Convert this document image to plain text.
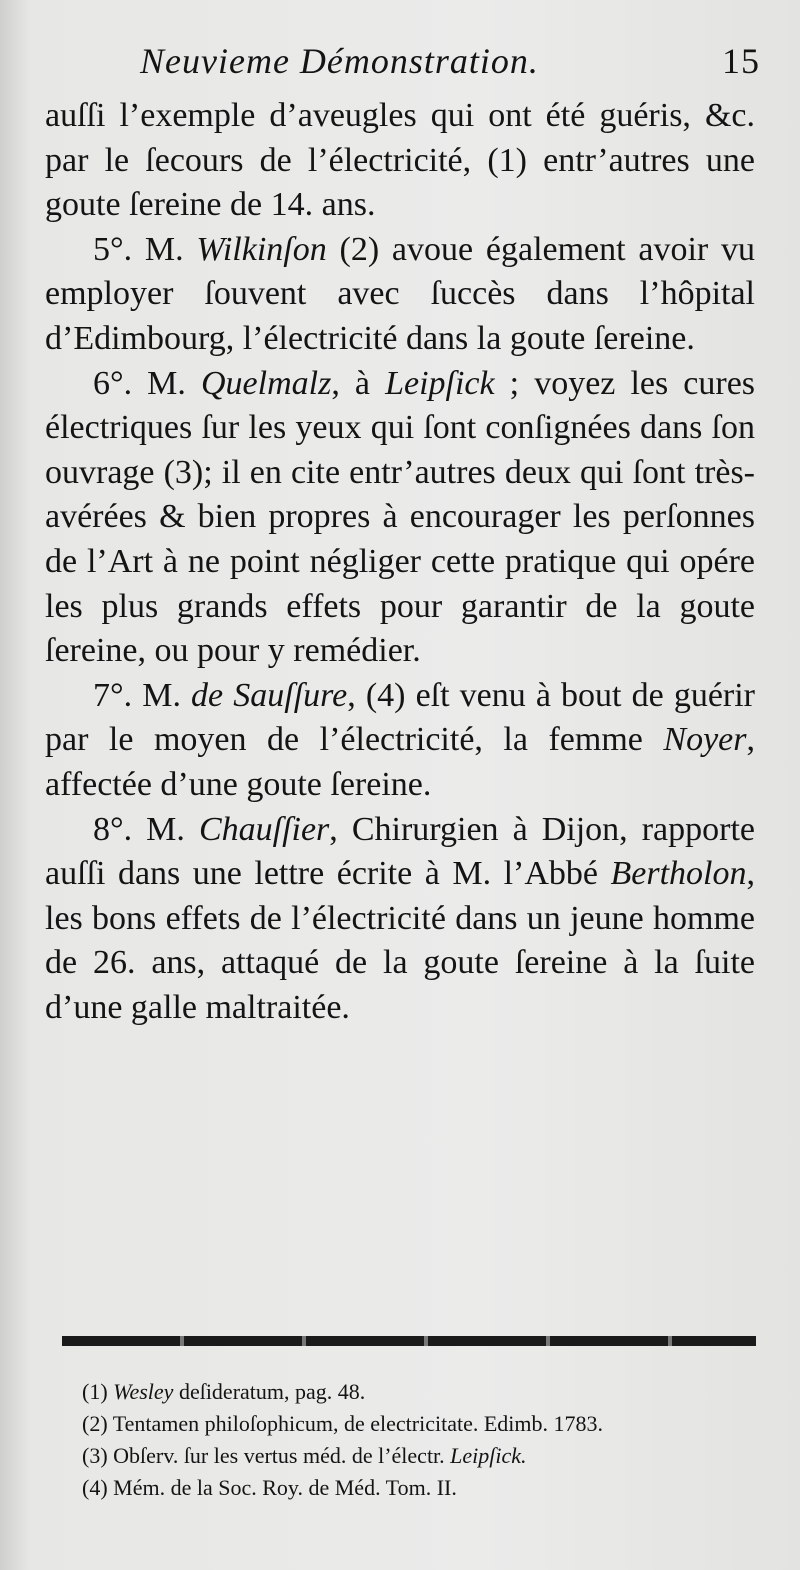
Neuvieme Démonstration.	15

auſſi l’exemple d’aveugles qui ont été guéris, &c. par le ſecours de l’électricité, (1) entr’autres une goute ſereine de 14. ans.

5°. M. Wilkinſon (2) avoue également avoir vu employer ſouvent avec ſuccès dans l’hôpital d’Edimbourg, l’électricité dans la goute ſereine.

6°. M. Quelmalz, à Leipſick ; voyez les cures électriques ſur les yeux qui ſont conſignées dans ſon ouvrage (3); il en cite entr’autres deux qui ſont très-avérées & bien propres à encourager les perſonnes de l’Art à ne point négliger cette pratique qui opére les plus grands effets pour garantir de la goute ſereine, ou pour y remédier.

7°. M. de Sauſſure, (4) eſt venu à bout de guérir par le moyen de l’électricité, la femme Noyer, affectée d’une goute ſereine.

8°. M. Chauſſier, Chirurgien à Dijon, rapporte auſſi dans une lettre écrite à M. l’Abbé Bertholon, les bons effets de l’électricité dans un jeune homme de 26. ans, attaqué de la goute ſereine à la ſuite d’une galle maltraitée.

(1) Wesley deſideratum, pag. 48.

(2) Tentamen philoſophicum, de electricitate. Edimb. 1783.

(3) Obſerv. ſur les vertus méd. de l’électr. Leipſick.

(4) Mém. de la Soc. Roy. de Méd. Tom. II.
